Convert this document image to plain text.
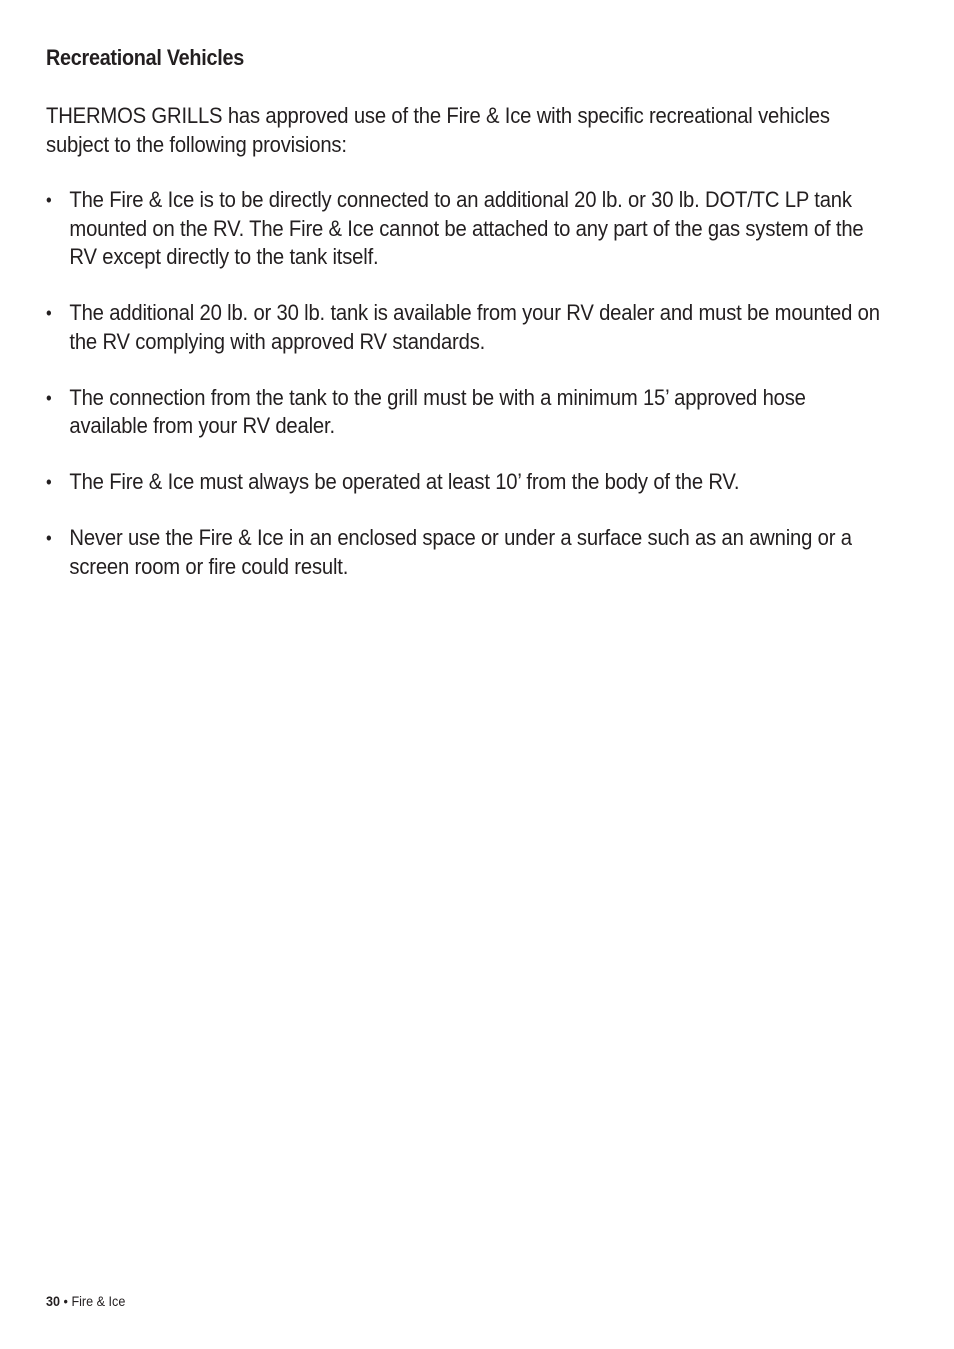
Recreational Vehicles
THERMOS GRILLS has approved use of the Fire & Ice with specific recreational vehicles subject to the following provisions:
• The Fire & Ice is to be directly connected to an additional 20 lb. or 30 lb. DOT/TC LP tank mounted on the RV. The Fire & Ice cannot be attached to any part of the gas system of the RV except directly to the tank itself.
• The additional 20 lb. or 30 lb. tank is available from your RV dealer and must be mounted on the RV complying with approved RV standards.
• The connection from the tank to the grill must be with a minimum 15’ approved hose available from your RV dealer.
• The Fire & Ice must always be operated at least 10’ from the body of the RV.
• Never use the Fire & Ice in an enclosed space or under a surface such as an awning or a screen room or fire could result.
30 • Fire & Ice
